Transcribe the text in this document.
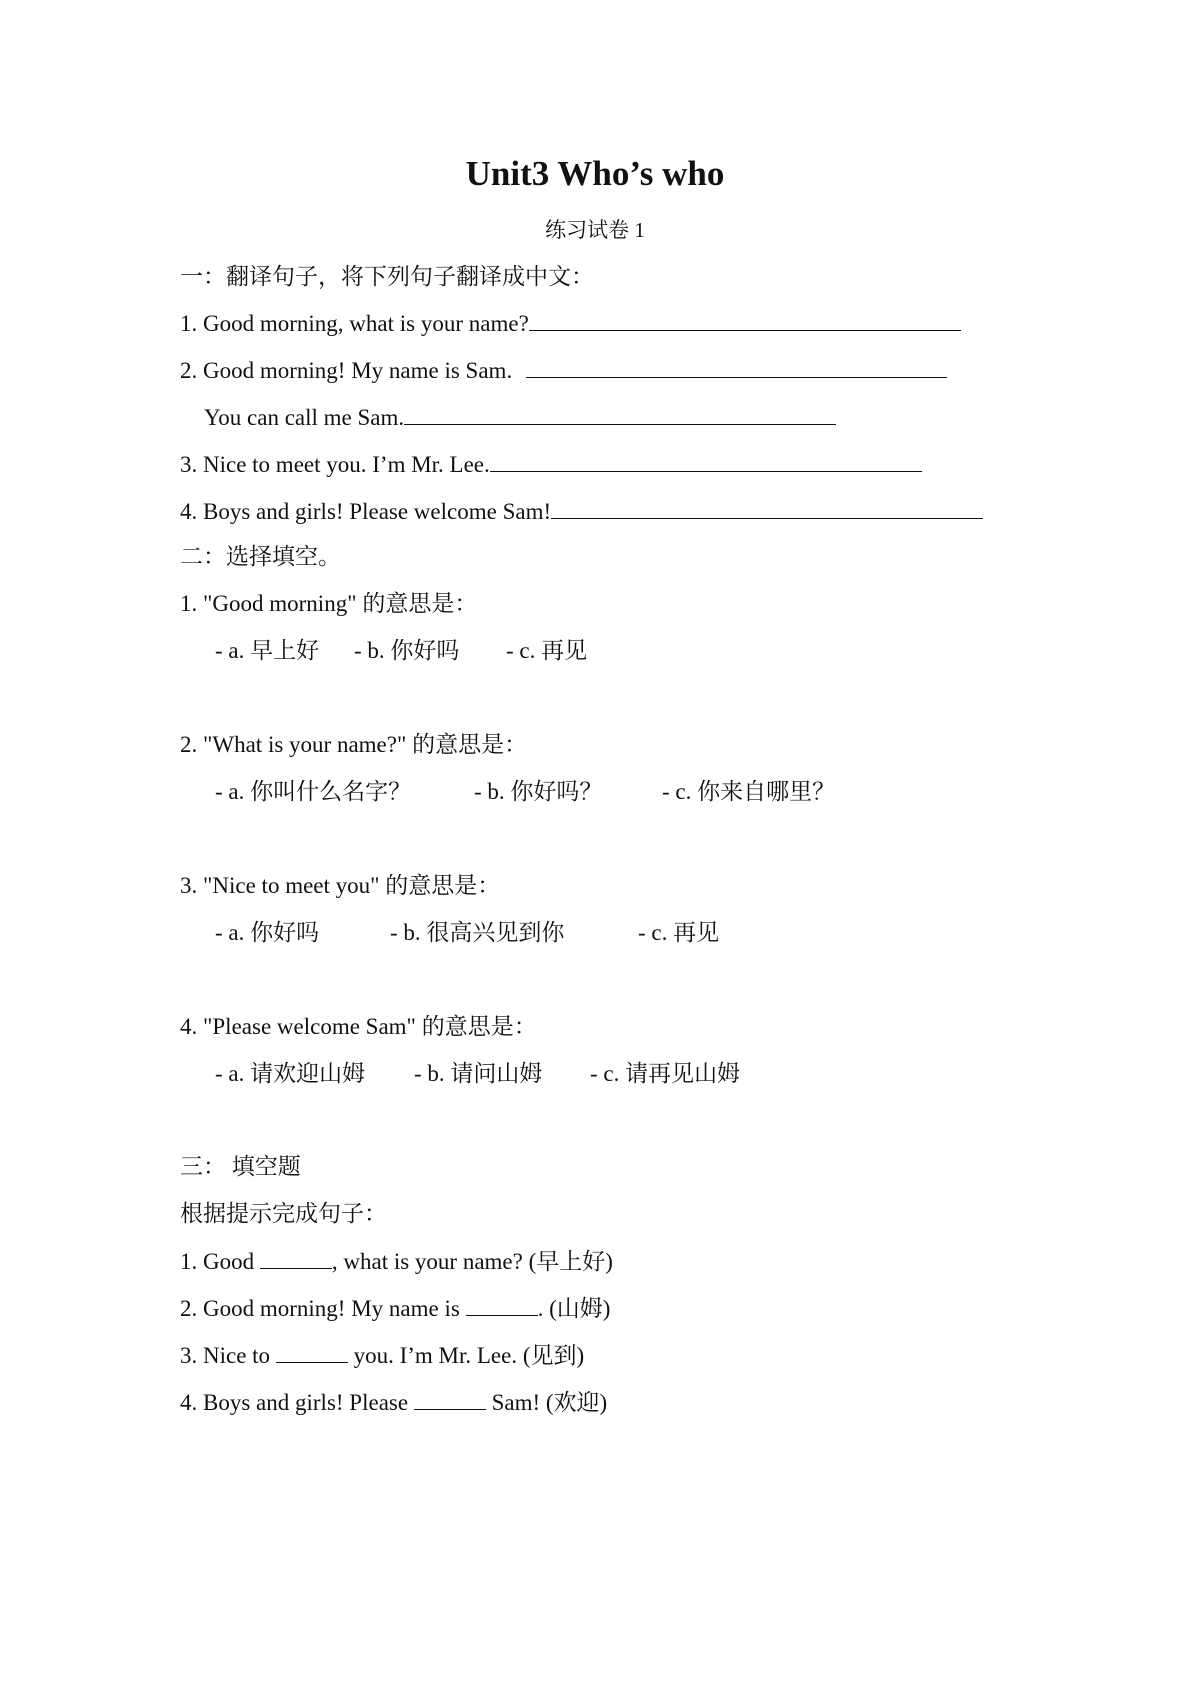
Unit3 Who’s who
练习试卷 1
一：翻译句子，将下列句子翻译成中文：
1. Good morning, what is your name?
2. Good morning! My name is Sam.
You can call me Sam.
3. Nice to meet you. I’m Mr. Lee.
4. Boys and girls! Please welcome Sam!
二：选择填空。
1. "Good morning" 的意思是：
- a. 早上好 - b. 你好吗 - c. 再见
2. "What is your name?" 的意思是：
- a. 你叫什么名字？	- b. 你好吗？	- c. 你来自哪里？
3. "Nice to meet you" 的意思是：
- a. 你好吗	- b. 很高兴见到你	- c. 再见
4. "Please welcome Sam" 的意思是：
- a. 请欢迎山姆 - b. 请问山姆 - c. 请再见山姆
三： 填空题
根据提示完成句子：
1. Good	, what is your name? (早上好)
2. Good morning! My name is	. (山姆)
3. Nice to	you. I’m Mr. Lee. (见到)
4. Boys and girls! Please	Sam! (欢迎)
